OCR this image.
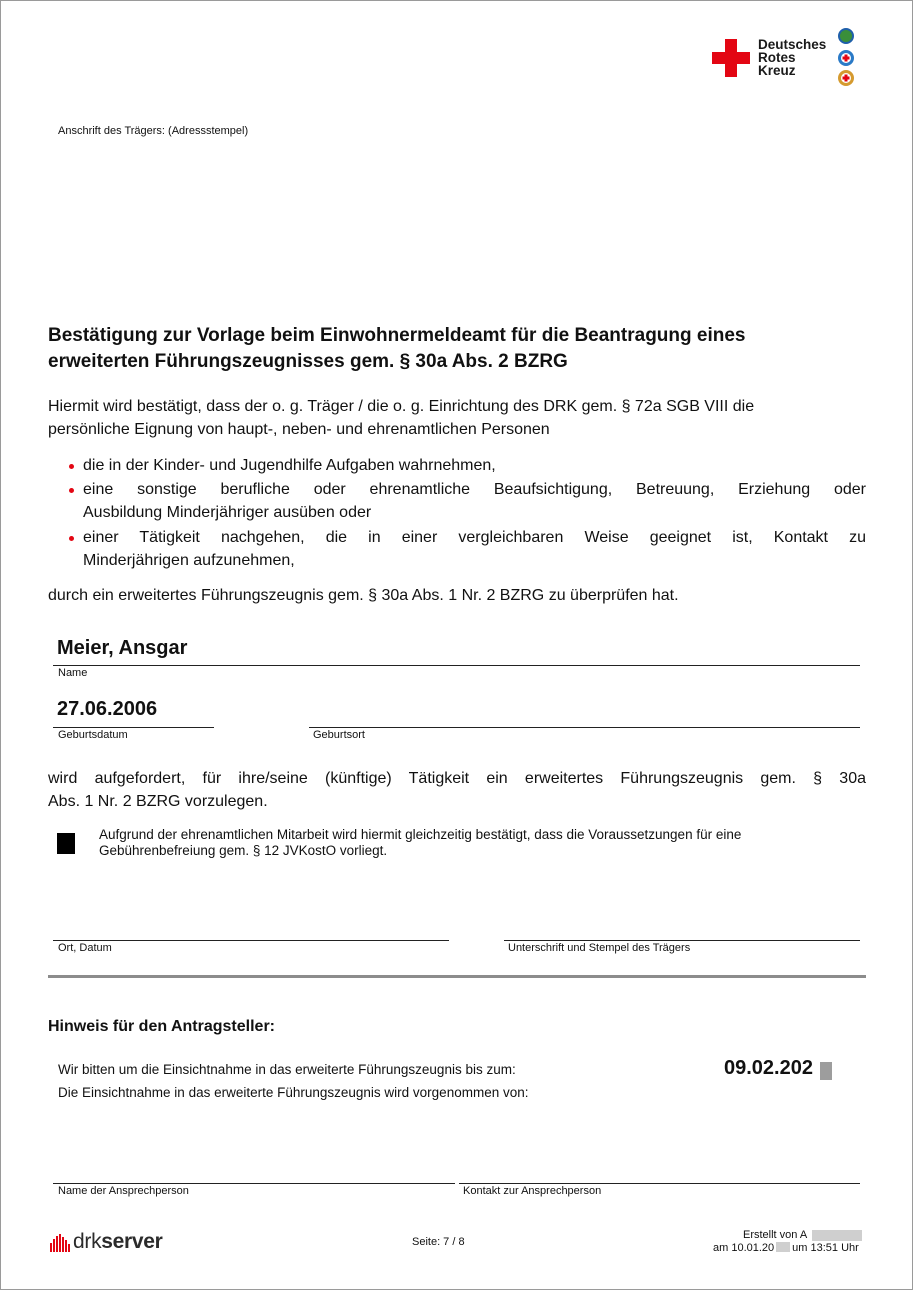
Deutsches
Rotes
Kreuz
Anschrift des Trägers: (Adressstempel)
Bestätigung zur Vorlage beim Einwohnermeldeamt für die Beantragung eines
erweiterten Führungszeugnisses gem. § 30a Abs. 2 BZRG
Hiermit wird bestätigt, dass der o. g. Träger / die o. g. Einrichtung des DRK gem. § 72a SGB VIII die
persönliche Eignung von haupt-, neben- und ehrenamtlichen Personen
die in der Kinder- und Jugendhilfe Aufgaben wahrnehmen,
eine sonstige berufliche oder ehrenamtliche Beaufsichtigung, Betreuung, Erziehung oder
Ausbildung Minderjähriger ausüben oder
einer Tätigkeit nachgehen, die in einer vergleichbaren Weise geeignet ist, Kontakt zu
Minderjährigen aufzunehmen,
durch ein erweitertes Führungszeugnis gem. § 30a Abs. 1 Nr. 2 BZRG zu überprüfen hat.
Meier, Ansgar
Name
27.06.2006
Geburtsdatum	Geburtsort
wird aufgefordert, für ihre/seine (künftige) Tätigkeit ein erweitertes Führungszeugnis gem. § 30a
Abs. 1 Nr. 2 BZRG vorzulegen.
Aufgrund der ehrenamtlichen Mitarbeit wird hiermit gleichzeitig bestätigt, dass die Voraussetzungen für eine
Gebührenbefreiung gem. § 12 JVKostO vorliegt.
Ort, Datum	Unterschrift und Stempel des Trägers
Hinweis für den Antragsteller:
Wir bitten um die Einsichtnahme in das erweiterte Führungszeugnis bis zum:
Die Einsichtnahme in das erweiterte Führungszeugnis wird vorgenommen von:
09.02.202
Name der Ansprechperson	Kontakt zur Ansprechperson
drkserver	Seite: 7 / 8
Erstellt von A
am 10.01.20 um 13:51 Uhr
